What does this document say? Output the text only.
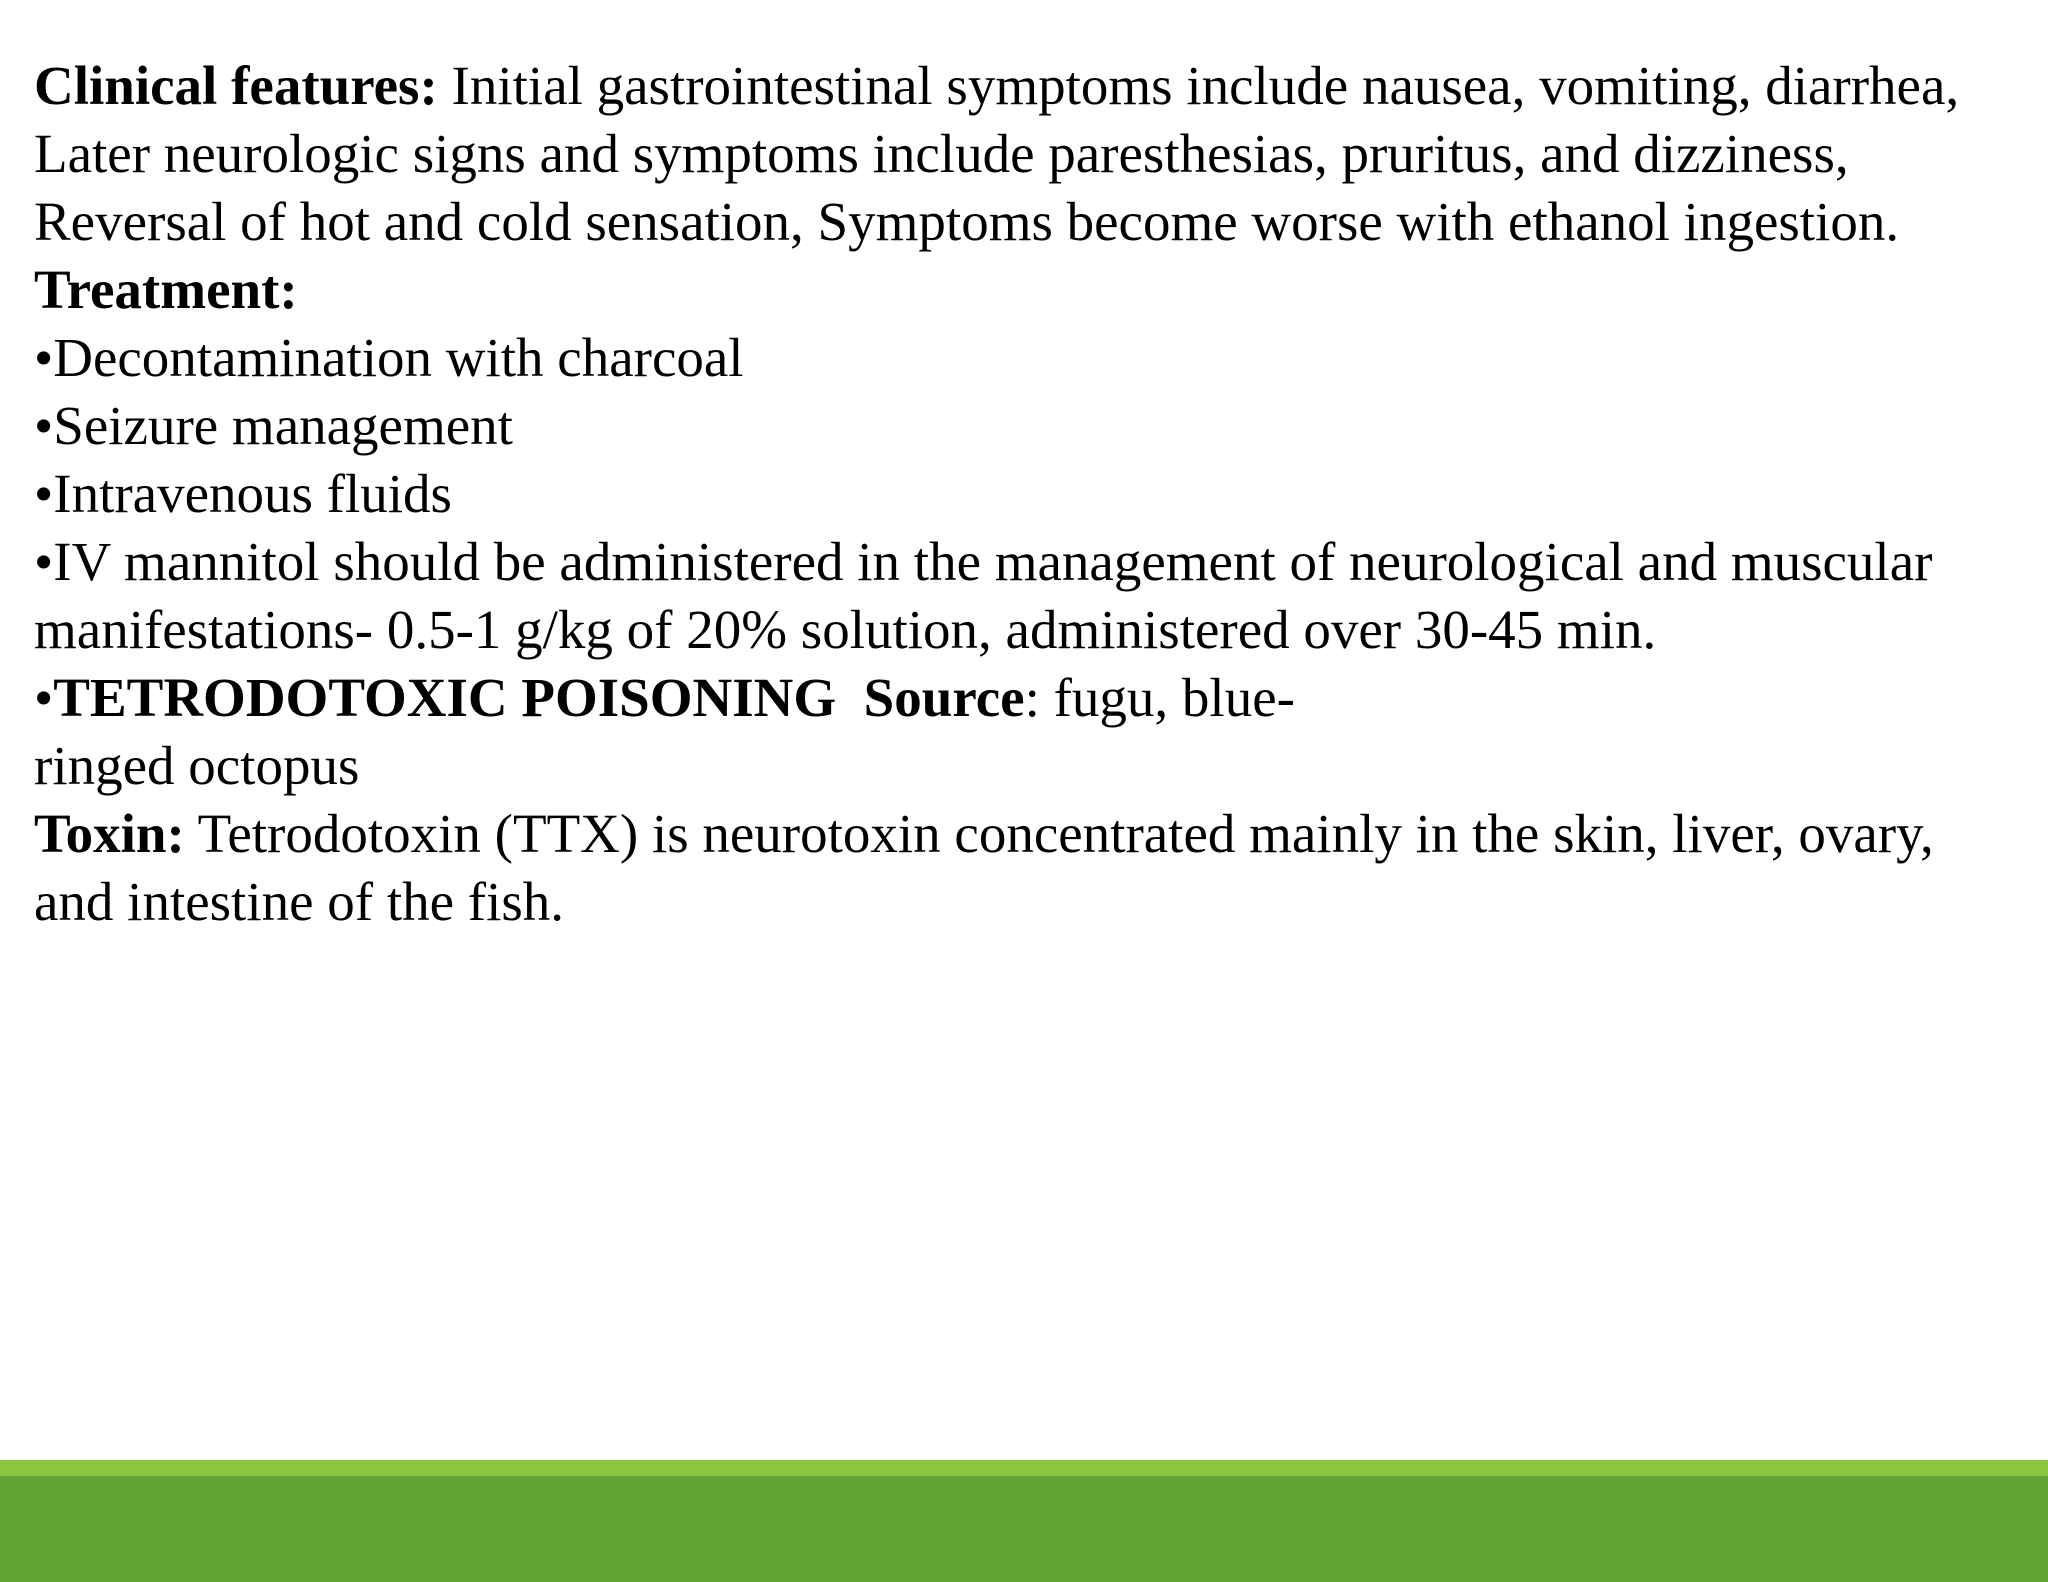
Clinical features: Initial gastrointestinal symptoms include nausea, vomiting, diarrhea, Later neurologic signs and symptoms include paresthesias, pruritus, and dizziness, Reversal of hot and cold sensation, Symptoms become worse with ethanol ingestion.

Treatment:

•Decontamination with charcoal

•Seizure management

•Intravenous fluids

•IV mannitol should be administered in the management of neurological and muscular manifestations- 0.5-1 g/kg of 20% solution, administered over 30-45 min.

•TETRODOTOXIC POISONING  Source: fugu, blue-

ringed octopus

Toxin: Tetrodotoxin (TTX) is neurotoxin concentrated mainly in the skin, liver, ovary, and intestine of the fish.
